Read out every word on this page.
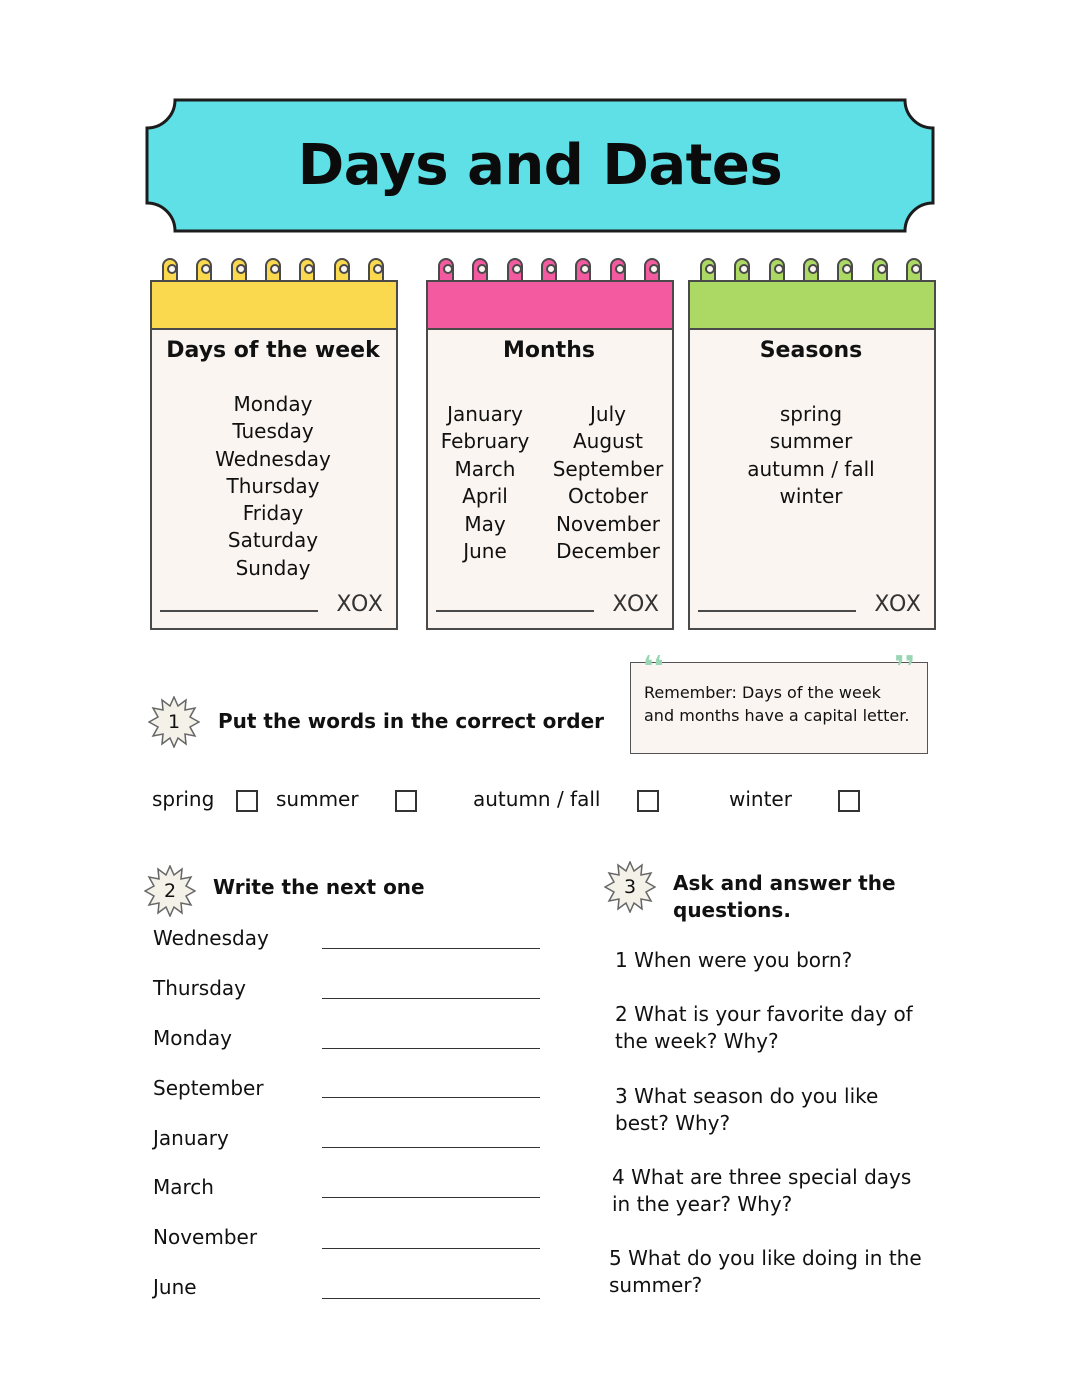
Days and Dates
Days of the week
Monday
Tuesday
Wednesday
Thursday
Friday
Saturday
Sunday
XOX
Months
January
February
March
April
May
June
July
August
September
October
November
December
XOX
Seasons
spring
summer
autumn / fall
winter
XOX
1	Put the words in the correct order
❛❛	❜❜
Remember: Days of the week and months have a capital letter.
spring	summer	autumn / fall	winter
2	Write the next one
Wednesday
Thursday
Monday
September
January
March
November
June
3	Ask and answer the questions.
1 When were you born?
2 What is your favorite day of the week? Why?
3 What season do you like best? Why?
4 What are three special days in the year? Why?
5 What do you like doing in the summer?
